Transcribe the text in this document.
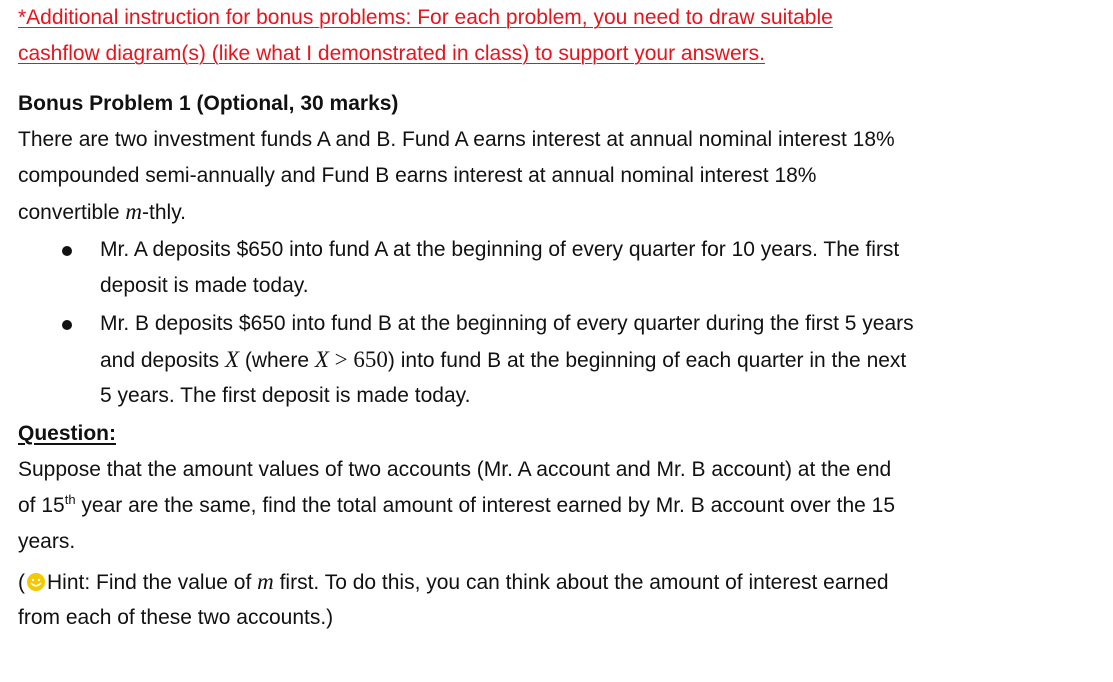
*Additional instruction for bonus problems: For each problem, you need to draw suitable
cashflow diagram(s) (like what I demonstrated in class) to support your answers.
Bonus Problem 1 (Optional, 30 marks)
There are two investment funds A and B. Fund A earns interest at annual nominal interest 18%
compounded semi-annually and Fund B earns interest at annual nominal interest 18%
convertible m-thly.
Mr. A deposits $650 into fund A at the beginning of every quarter for 10 years. The first
deposit is made today.
Mr. B deposits $650 into fund B at the beginning of every quarter during the first 5 years
and deposits X (where X > 650) into fund B at the beginning of each quarter in the next
5 years. The first deposit is made today.
Question:
Suppose that the amount values of two accounts (Mr. A account and Mr. B account) at the end
of 15th year are the same, find the total amount of interest earned by Mr. B account over the 15
years.
( Hint: Find the value of m first. To do this, you can think about the amount of interest earned
from each of these two accounts.)
